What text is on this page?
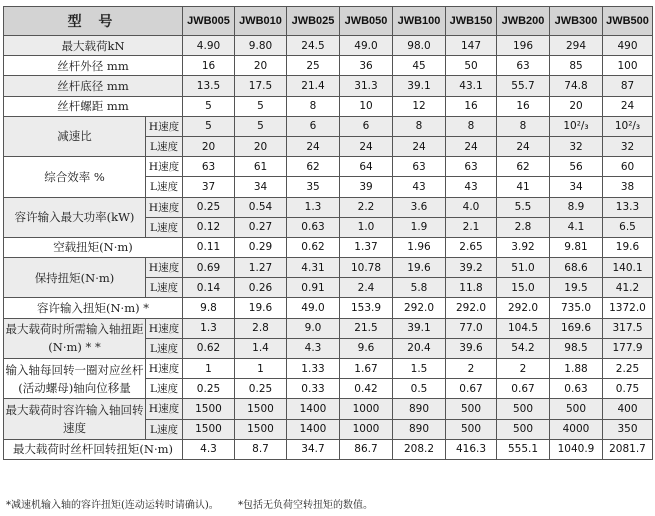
型 号		JWB005	JWB010	JWB025	JWB050	JWB100	JWB150	JWB200	JWB300	JWB500
最大载荷kN		4.90	9.80	24.5	49.0	98.0	147	196	294	490
丝杆外径 mm		16	20	25	36	45	50	63	85	100
丝杆底径 mm		13.5	17.5	21.4	31.3	39.1	43.1	55.7	74.8	87
丝杆螺距 mm		5	5	8	10	12	16	16	20	24
减速比	H速度	5	5	6	6	8	8	8	10²/₃	10²/₃
	L速度	20	20	24	24	24	24	24	32	32
综合效率 %	H速度	63	61	62	64	63	63	62	56	60
	L速度	37	34	35	39	43	43	41	34	38
容许输入最大功率(kW)	H速度	0.25	0.54	1.3	2.2	3.6	4.0	5.5	8.9	13.3
	L速度	0.12	0.27	0.63	1.0	1.9	2.1	2.8	4.1	6.5
空载扭矩(N·m)		0.11	0.29	0.62	1.37	1.96	2.65	3.92	9.81	19.6
保持扭矩(N·m)	H速度	0.69	1.27	4.31	10.78	19.6	39.2	51.0	68.6	140.1
	L速度	0.14	0.26	0.91	2.4	5.8	11.8	15.0	19.5	41.2
容许输入扭矩(N·m) *		9.8	19.6	49.0	153.9	292.0	292.0	292.0	735.0	1372.0
最大载荷时所需输入轴扭距(N·m) * *	H速度	1.3	2.8	9.0	21.5	39.1	77.0	104.5	169.6	317.5
	L速度	0.62	1.4	4.3	9.6	20.4	39.6	54.2	98.5	177.9
输入轴每回转一圈对应丝杆(活动螺母)轴向位移量	H速度	1	1	1.33	1.67	1.5	2	2	1.88	2.25
	L速度	0.25	0.25	0.33	0.42	0.5	0.67	0.67	0.63	0.75
最大载荷时容许输入轴回转速度	H速度	1500	1500	1400	1000	890	500	500	500	400
	L速度	1500	1500	1400	1000	890	500	500	4000	350
最大载荷时丝杆回转扭矩(N·m)		4.3	8.7	34.7	86.7	208.2	416.3	555.1	1040.9	2081.7
*减速机输入轴的容许扭矩(连动运转时请确认)。 *包括无负荷空转扭矩的数值。
